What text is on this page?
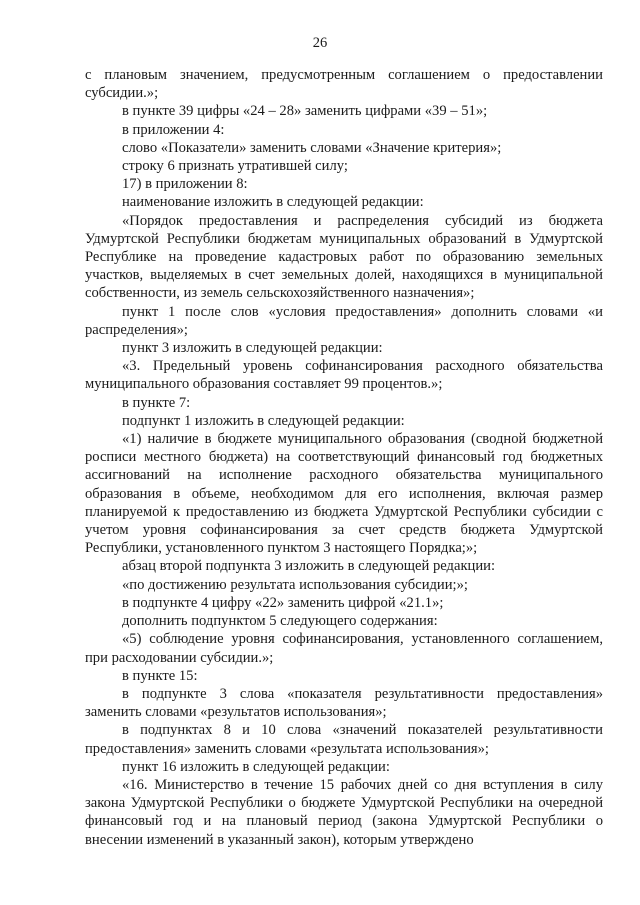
26

с плановым значением, предусмотренным соглашением о предоставлении субсидии.»;

в пункте 39 цифры «24 – 28» заменить цифрами «39 – 51»;

в приложении 4:

слово «Показатели» заменить словами «Значение критерия»;

строку 6 признать утратившей силу;

17) в приложении 8:

наименование изложить в следующей редакции:

«Порядок предоставления и распределения субсидий из бюджета Удмуртской Республики бюджетам муниципальных образований в Удмуртской Республике на проведение кадастровых работ по образованию земельных участков, выделяемых в счет земельных долей, находящихся в муниципальной собственности, из земель сельскохозяйственного назначения»;

пункт 1 после слов «условия предоставления» дополнить словами «и распределения»;

пункт 3 изложить в следующей редакции:

«3. Предельный уровень софинансирования расходного обязательства муниципального образования составляет 99 процентов.»;

в пункте 7:

подпункт 1 изложить в следующей редакции:

«1) наличие в бюджете муниципального образования (сводной бюджетной росписи местного бюджета) на соответствующий финансовый год бюджетных ассигнований на исполнение расходного обязательства муниципального образования в объеме, необходимом для его исполнения, включая размер планируемой к предоставлению из бюджета Удмуртской Республики субсидии с учетом уровня софинансирования за счет средств бюджета Удмуртской Республики, установленного пунктом 3 настоящего Порядка;»;

абзац второй подпункта 3 изложить в следующей редакции:

«по достижению результата использования субсидии;»;

в подпункте 4 цифру «22» заменить цифрой «21.1»;

дополнить подпунктом 5 следующего содержания:

«5) соблюдение уровня софинансирования, установленного соглашением, при расходовании субсидии.»;

в пункте 15:

в подпункте 3 слова «показателя результативности предоставления» заменить словами «результатов использования»;

в подпунктах 8 и 10 слова «значений показателей результативности предоставления» заменить словами «результата использования»;

пункт 16 изложить в следующей редакции:

«16. Министерство в течение 15 рабочих дней со дня вступления в силу закона Удмуртской Республики о бюджете Удмуртской Республики на очередной финансовый год и на плановый период (закона Удмуртской Республики о внесении изменений в указанный закон), которым утверждено
